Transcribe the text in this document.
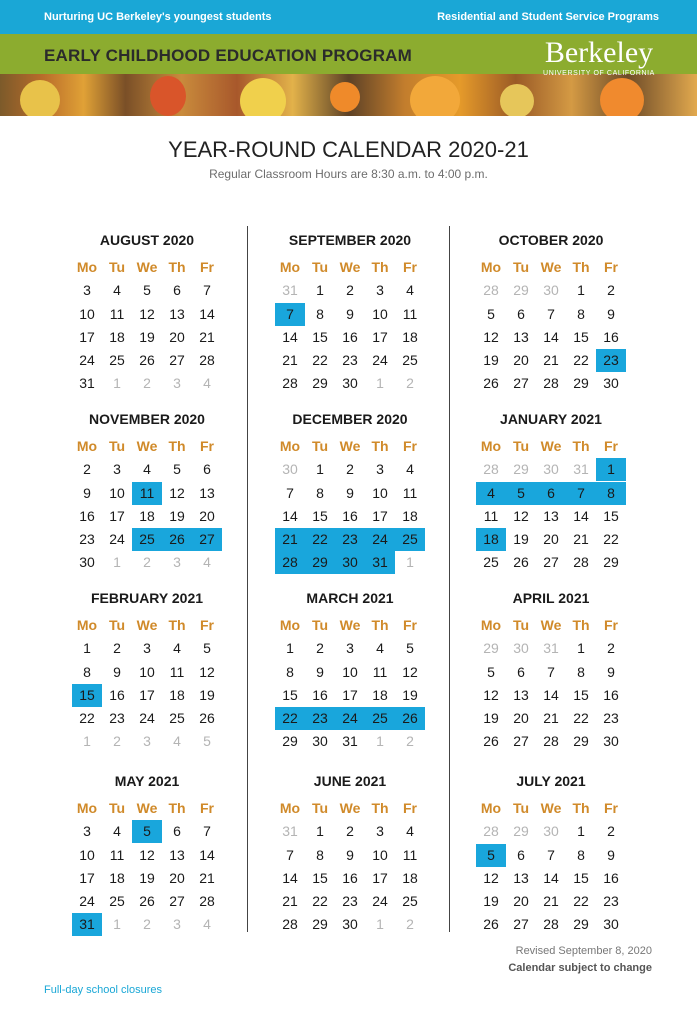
Nurturing UC Berkeley's youngest students	Residential and Student Service Programs
EARLY CHILDHOOD EDUCATION PROGRAM	Berkeley
UNIVERSITY OF CALIFORNIA
YEAR-ROUND CALENDAR 2020-21
Regular Classroom Hours are 8:30 a.m. to 4:00 p.m.
AUGUST 2020
Mo Tu We Th	Fr
3	4	5	6	7
10	11	12	13	14
17	18	19	20	21
24	25	26	27	28
31	1	2	3	4
SEPTEMBER 2020
Mo Tu We Th	Fr
31	1	2	3	4
7	8	9	10	11
14	15	16	17	18
21	22	23	24	25
28	29	30	1	2
OCTOBER 2020
Mo Tu We Th	Fr
28	29	30	1	2
5	6	7	8	9
12	13	14	15	16
19	20	21	22	23
26	27	28	29	30
NOVEMBER 2020
Mo Tu We Th	Fr
2	3	4	5	6
9	10	11	12	13
16	17	18	19	20
23	24	25	26	27
30	1	2	3	4
DECEMBER 2020
Mo Tu We Th	Fr
30	1	2	3	4
7	8	9	10	11
14	15	16	17	18
21	22	23	24	25
28	29	30	31	1
JANUARY 2021
Mo Tu We Th	Fr
28	29	30	31	1
4	5	6	7	8
11	12	13	14	15
18	19	20	21	22
25	26	27	28	29
FEBRUARY 2021
Mo Tu We Th	Fr
1	2	3	4	5
8	9	10	11	12
15	16	17	18	19
22	23	24	25	26
1	2	3	4	5
MARCH 2021
Mo Tu We Th	Fr
1	2	3	4	5
8	9	10	11	12
15	16	17	18	19
22	23	24	25	26
29	30	31	1	2
APRIL 2021
Mo Tu We Th	Fr
29	30	31	1	2
5	6	7	8	9
12	13	14	15	16
19	20	21	22	23
26	27	28	29	30
MAY 2021
Mo Tu We Th	Fr
3	4	5	6	7
10	11	12	13	14
17	18	19	20	21
24	25	26	27	28
31	1	2	3	4
JUNE 2021
Mo Tu We Th	Fr
31	1	2	3	4
7	8	9	10	11
14	15	16	17	18
21	22	23	24	25
28	29	30	1	2
JULY 2021
Mo Tu We Th	Fr
28	29	30	1	2
5	6	7	8	9
12	13	14	15	16
19	20	21	22	23
26	27	28	29	30
Revised September 8, 2020
Calendar subject to change
Full-day school closures
